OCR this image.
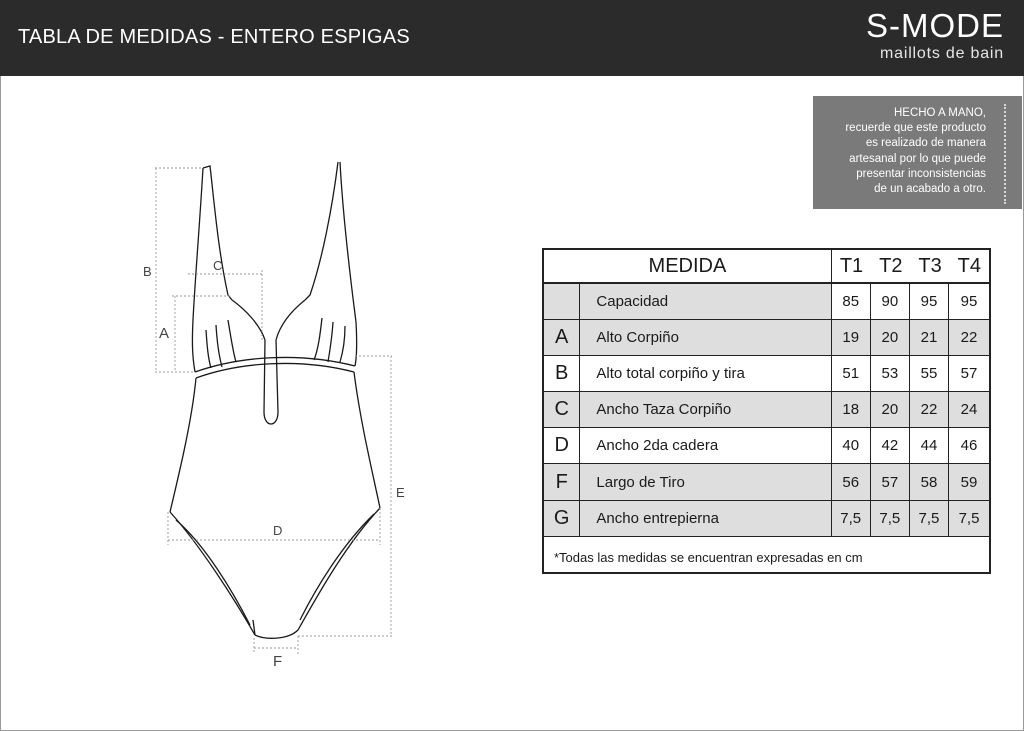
TABLA DE MEDIDAS - ENTERO ESPIGAS	S-MODE
maillots de bain
HECHO A MANO,
recuerde que este producto
es realizado de manera
artesanal por lo que puede
presentar inconsistencias
de un acabado a otro.
B
A
C
E
D
F
MEDIDA	T1 T2 T3 T4
Capacidad	85	90	95	95
A	Alto Corpiño	19	20	21	22
B	Alto total corpiño y tira	51	53	55	57
C	Ancho Taza Corpiño	18	20	22	24
D	Ancho 2da cadera	40	42	44	46
F	Largo de Tiro	56	57	58	59
G	Ancho entrepierna	7,5	7,5	7,5	7,5
*Todas las medidas se encuentran expresadas en cm
